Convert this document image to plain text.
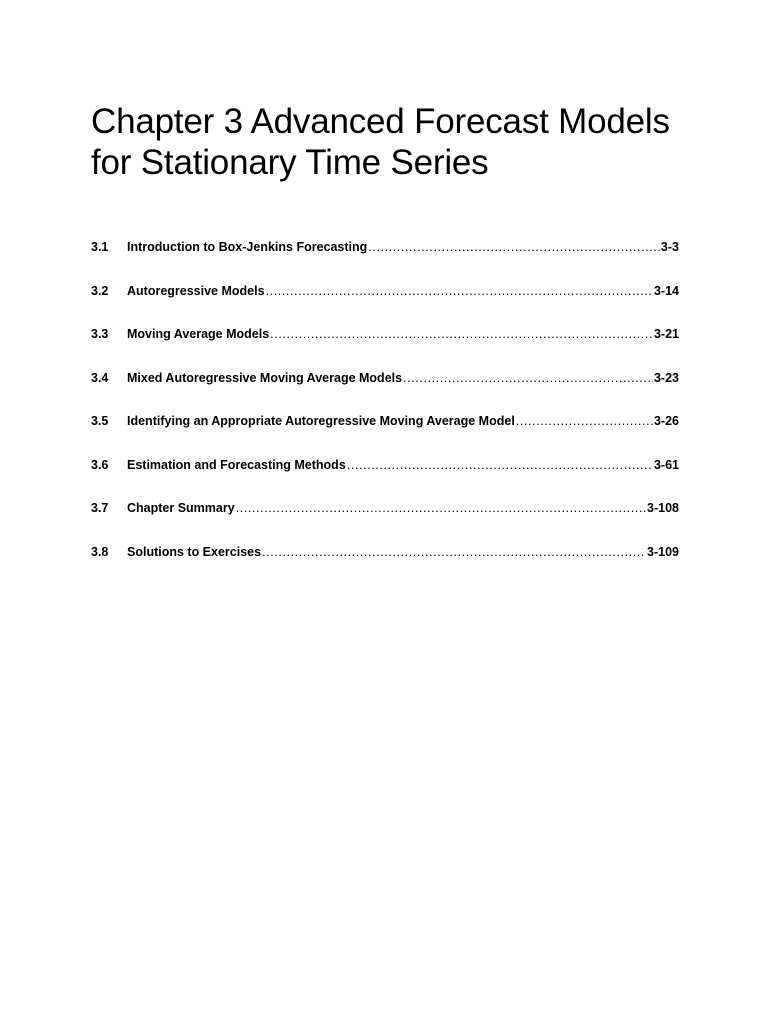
Chapter 3 Advanced Forecast Models for Stationary Time Series
3.1	Introduction to Box-Jenkins Forecasting .....	3-3
3.2	Autoregressive Models .....	3-14
3.3	Moving Average Models .....	3-21
3.4	Mixed Autoregressive Moving Average Models .....	3-23
3.5	Identifying an Appropriate Autoregressive Moving Average Model .....	3-26
3.6	Estimation and Forecasting Methods .....	3-61
3.7	Chapter Summary .....	3-108
3.8	Solutions to Exercises .....	3-109
